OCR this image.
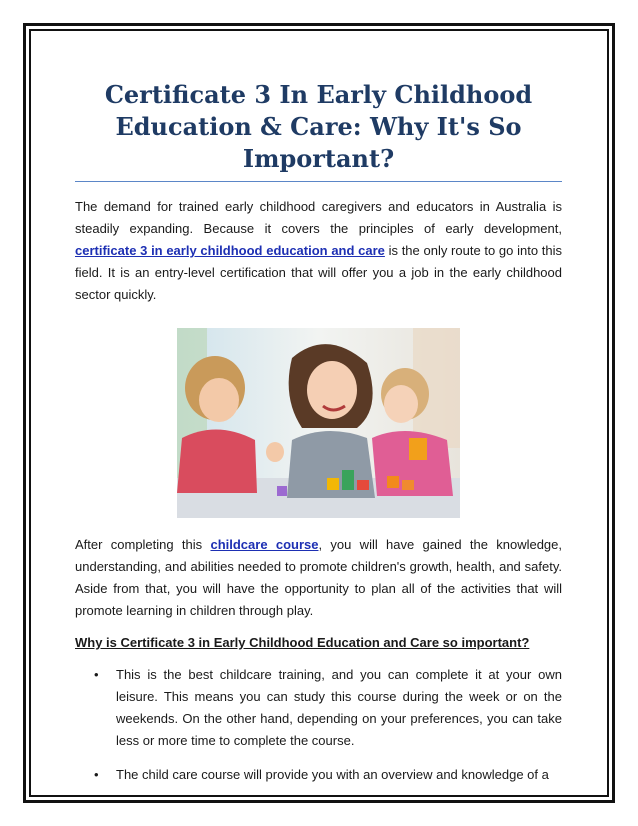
Certificate 3 In Early Childhood Education & Care: Why It's So Important?

The demand for trained early childhood caregivers and educators in Australia is steadily expanding. Because it covers the principles of early development, certificate 3 in early childhood education and care is the only route to go into this field. It is an entry-level certification that will offer you a job in the early childhood sector quickly.

After completing this childcare course, you will have gained the knowledge, understanding, and abilities needed to promote children's growth, health, and safety. Aside from that, you will have the opportunity to plan all of the activities that will promote learning in children through play.

Why is Certificate 3 in Early Childhood Education and Care so important?
• This is the best childcare training, and you can complete it at your own leisure. This means you can study this course during the week or on the weekends. On the other hand, depending on your preferences, you can take less or more time to complete the course.
• The child care course will provide you with an overview and knowledge of a
